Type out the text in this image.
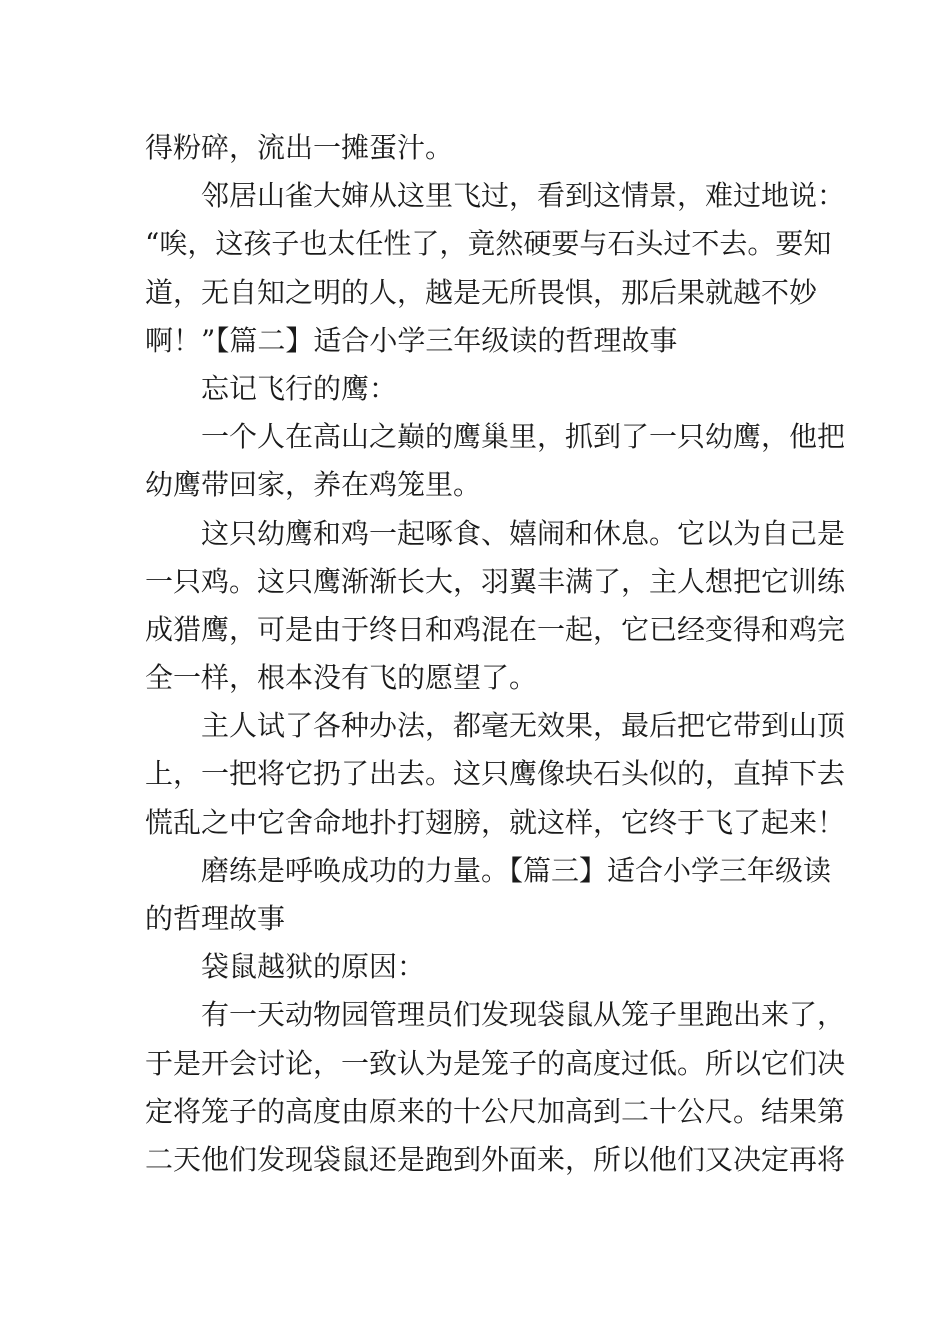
得粉碎，流出一摊蛋汁。
邻居山雀大婶从这里飞过，看到这情景，难过地说：
“唉，这孩子也太任性了，竟然硬要与石头过不去。要知
道，无自知之明的人，越是无所畏惧，那后果就越不妙
啊！”【篇二】适合小学三年级读的哲理故事
忘记飞行的鹰：
一个人在高山之巅的鹰巢里，抓到了一只幼鹰，他把
幼鹰带回家，养在鸡笼里。
这只幼鹰和鸡一起啄食、嬉闹和休息。它以为自己是
一只鸡。这只鹰渐渐长大，羽翼丰满了，主人想把它训练
成猎鹰，可是由于终日和鸡混在一起，它已经变得和鸡完
全一样，根本没有飞的愿望了。
主人试了各种办法，都毫无效果，最后把它带到山顶
上，一把将它扔了出去。这只鹰像块石头似的，直掉下去
慌乱之中它舍命地扑打翅膀，就这样，它终于飞了起来！
磨练是呼唤成功的力量。【篇三】适合小学三年级读
的哲理故事
袋鼠越狱的原因：
有一天动物园管理员们发现袋鼠从笼子里跑出来了，
于是开会讨论，一致认为是笼子的高度过低。所以它们决
定将笼子的高度由原来的十公尺加高到二十公尺。结果第
二天他们发现袋鼠还是跑到外面来，所以他们又决定再将
